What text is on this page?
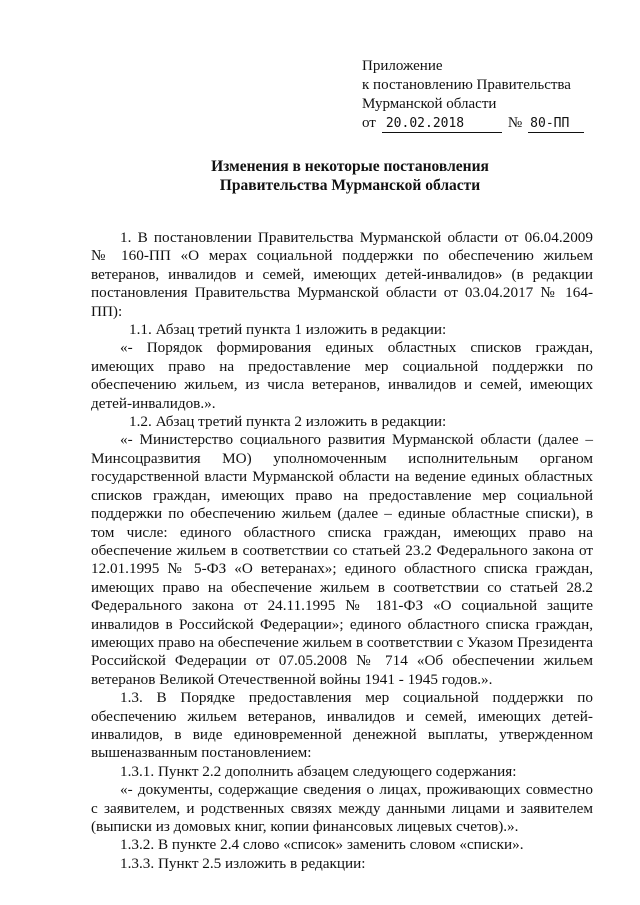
Приложение
к постановлению Правительства
Мурманской области
от 20.02.2018	№ 80-ПП
Изменения в некоторые постановления
Правительства Мурманской области

1. В постановлении Правительства Мурманской области от 06.04.2009 № 160-ПП «О мерах социальной поддержки по обеспечению жильем ветеранов, инвалидов и семей, имеющих детей-инвалидов» (в редакции постановления Правительства Мурманской области от 03.04.2017 № 164-ПП):

1.1. Абзац третий пункта 1 изложить в редакции:

«- Порядок формирования единых областных списков граждан, имеющих право на предоставление мер социальной поддержки по обеспечению жильем, из числа ветеранов, инвалидов и семей, имеющих детей-инвалидов.».

1.2. Абзац третий пункта 2 изложить в редакции:

«- Министерство социального развития Мурманской области (далее – Минсоцразвития МО) уполномоченным исполнительным органом государственной власти Мурманской области на ведение единых областных списков граждан, имеющих право на предоставление мер социальной поддержки по обеспечению жильем (далее – единые областные списки), в том числе: единого областного списка граждан, имеющих право на обеспечение жильем в соответствии со статьей 23.2 Федерального закона от 12.01.1995 № 5-ФЗ «О ветеранах»; единого областного списка граждан, имеющих право на обеспечение жильем в соответствии со статьей 28.2 Федерального закона от 24.11.1995 № 181-ФЗ «О социальной защите инвалидов в Российской Федерации»; единого областного списка граждан, имеющих право на обеспечение жильем в соответствии с Указом Президента Российской Федерации от 07.05.2008 № 714 «Об обеспечении жильем ветеранов Великой Отечественной войны 1941 - 1945 годов.».

1.3. В Порядке предоставления мер социальной поддержки по обеспечению жильем ветеранов, инвалидов и семей, имеющих детей-инвалидов, в виде единовременной денежной выплаты, утвержденном вышеназванным постановлением:

1.3.1. Пункт 2.2 дополнить абзацем следующего содержания:

«- документы, содержащие сведения о лицах, проживающих совместно с заявителем, и родственных связях между данными лицами и заявителем (выписки из домовых книг, копии финансовых лицевых счетов).».

1.3.2. В пункте 2.4 слово «список» заменить словом «списки».

1.3.3. Пункт 2.5 изложить в редакции:
